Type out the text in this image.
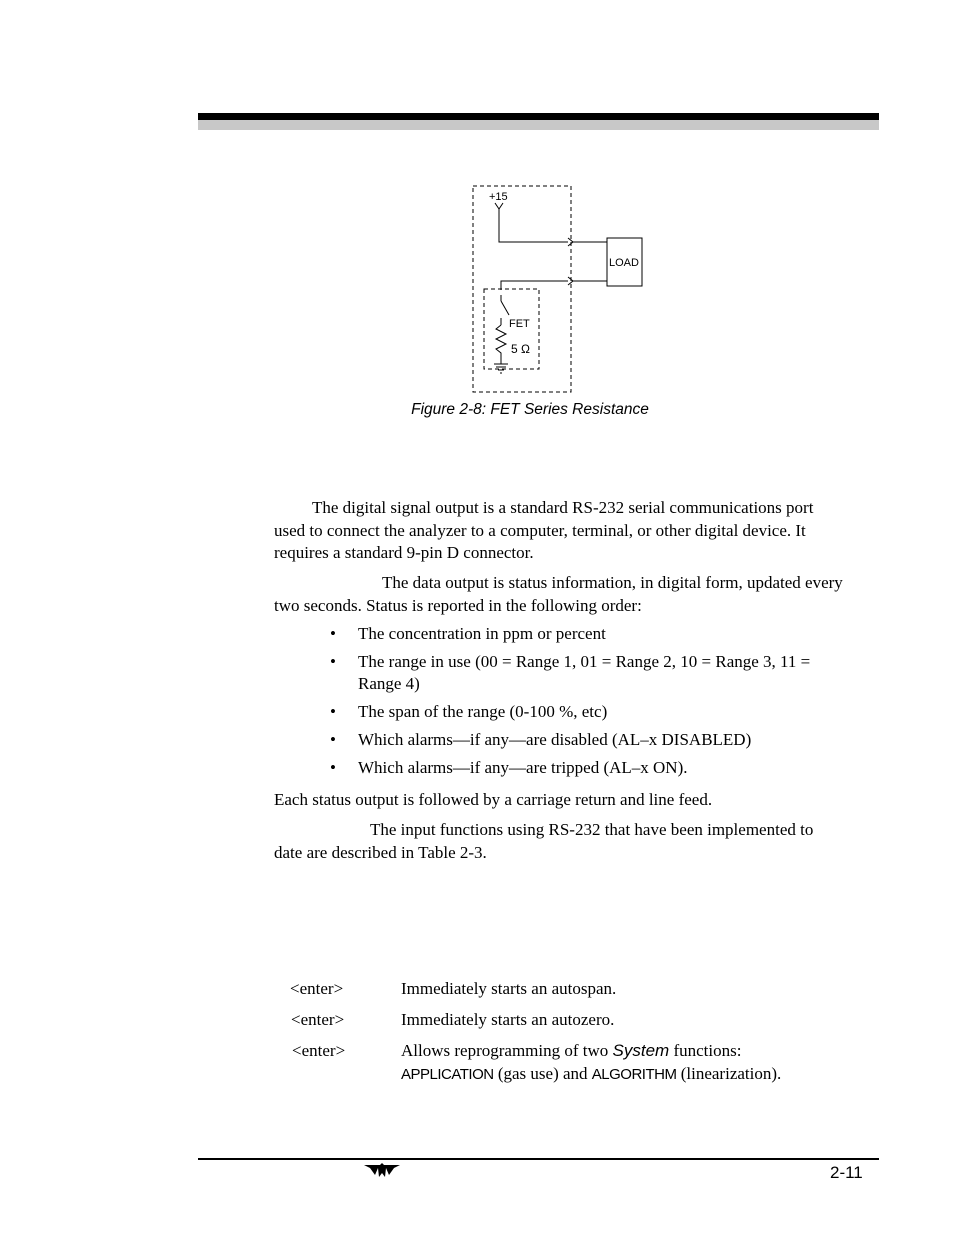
+15
LOAD
FET
5 Ω
Figure 2-8: FET Series Resistance

The digital signal output is a standard RS-232 serial communications port used to connect the analyzer to a computer, terminal, or other digital device. It requires a standard 9-pin D connector.

The data output is status information, in digital form, updated every two seconds. Status is reported in the following order:

• The concentration in ppm or percent
• The range in use (00 = Range 1, 01 = Range 2, 10 = Range 3, 11 = Range 4)
• The span of the range (0-100 %, etc)
• Which alarms—if any—are disabled (AL–x DISABLED)
• Which alarms—if any—are tripped (AL–x ON).

Each status output is followed by a carriage return and line feed.

The input functions using RS-232 that have been implemented to date are described in Table 2-3.

<enter>	Immediately starts an autospan.
<enter>	Immediately starts an autozero.
<enter>	Allows reprogramming of two System functions:
APPLICATION (gas use) and ALGORITHM (linearization).
2-11
